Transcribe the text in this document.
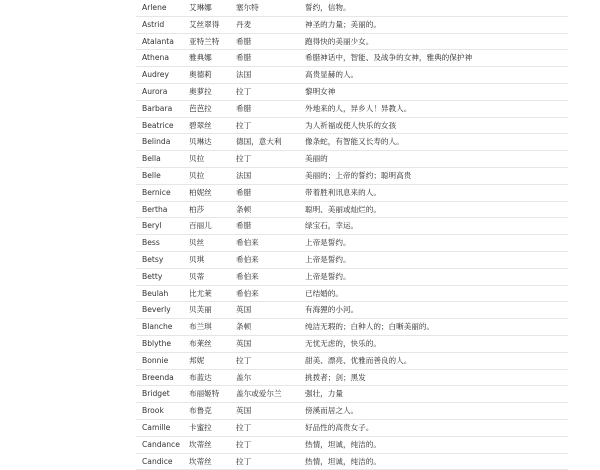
Arlene	艾琳娜	塞尔特	誓约，信物。
Astrid	艾丝翠得	丹麦	神圣的力量；美丽的。
Atalanta	亚特兰特	希腊	跑得快的美丽少女。
Athena	雅典娜	希腊	希腊神话中，智能、及战争的女神，雅典的保护神
Audrey	奥德莉	法国	高贵显赫的人。
Aurora	奥萝拉	拉丁	黎明女神
Barbara	芭芭拉	希腊	外地来的人，异乡人！异教人。
Beatrice	碧翠丝	拉丁	为人祈福或使人快乐的女孩
Belinda	贝琳达	德国，意大利	像条蛇，有智能又长寿的人。
Bella	贝拉	拉丁	美丽的
Belle	贝拉	法国	美丽的；上帝的誓约；聪明高贵
Bernice	柏妮丝	希腊	带着胜利讯息来的人。
Bertha	柏莎	条顿	聪明、美丽或灿烂的。
Beryl	百丽儿	希腊	绿宝石，幸运。
Bess	贝丝	希伯来	上帝是誓约。
Betsy	贝琪	希伯来	上帝是誓约。
Betty	贝蒂	希伯来	上帝是誓约。
Beulah	比尤莱	希伯来	已结婚的。
Beverly	贝芙丽	英国	有海狸的小河。
Blanche	布兰琪	条顿	纯洁无瑕的；白种人的；白晰美丽的。
Bblythe	布莱丝	英国	无忧无虑的，快乐的。
Bonnie	邦妮	拉丁	甜美、漂亮、优雅而善良的人。
Breenda	布蓝达	盖尔	挑拨者；剑；黑发
Bridget	布丽姬特	盖尔或爱尔兰	强壮，力量
Brook	布鲁克	英国	傍溪而居之人。
Camille	卡蜜拉	拉丁	好品性的高贵女子。
Candance	坎蒂丝	拉丁	热情，坦诚，纯洁的。
Candice	坎蒂丝	拉丁	热情，坦诚，纯洁的。
